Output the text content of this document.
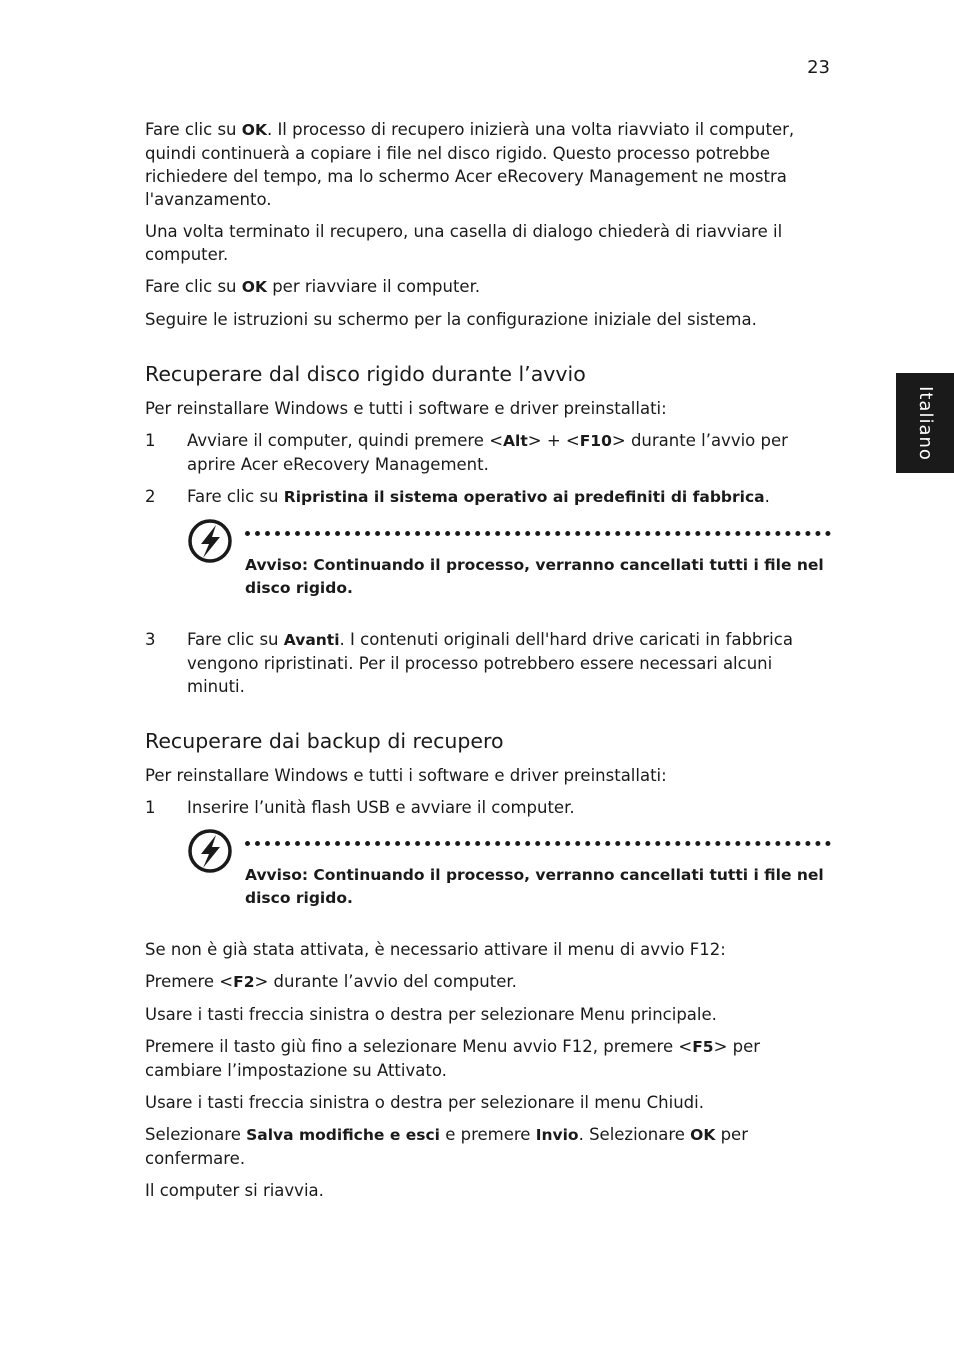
23
Italiano

Fare clic su OK. Il processo di recupero inizierà una volta riavviato il computer, quindi continuerà a copiare i file nel disco rigido. Questo processo potrebbe richiedere del tempo, ma lo schermo Acer eRecovery Management ne mostra l'avanzamento.

Una volta terminato il recupero, una casella di dialogo chiederà di riavviare il computer.

Fare clic su OK per riavviare il computer.

Seguire le istruzioni su schermo per la configurazione iniziale del sistema.

Recuperare dal disco rigido durante l’avvio

Per reinstallare Windows e tutti i software e driver preinstallati:

1	Avviare il computer, quindi premere <Alt> + <F10> durante l’avvio per aprire Acer eRecovery Management.
2	Fare clic su Ripristina il sistema operativo ai predefiniti di fabbrica.
Avviso: Continuando il processo, verranno cancellati tutti i file nel disco rigido.
3	Fare clic su Avanti. I contenuti originali dell'hard drive caricati in fabbrica vengono ripristinati. Per il processo potrebbero essere necessari alcuni minuti.
Recuperare dai backup di recupero

Per reinstallare Windows e tutti i software e driver preinstallati:

1	Inserire l’unità flash USB e avviare il computer.
Avviso: Continuando il processo, verranno cancellati tutti i file nel disco rigido.

Se non è già stata attivata, è necessario attivare il menu di avvio F12:

Premere <F2> durante l’avvio del computer.

Usare i tasti freccia sinistra o destra per selezionare Menu principale.

Premere il tasto giù fino a selezionare Menu avvio F12, premere <F5> per cambiare l’impostazione su Attivato.

Usare i tasti freccia sinistra o destra per selezionare il menu Chiudi.

Selezionare Salva modifiche e esci e premere Invio. Selezionare OK per confermare.

Il computer si riavvia.
